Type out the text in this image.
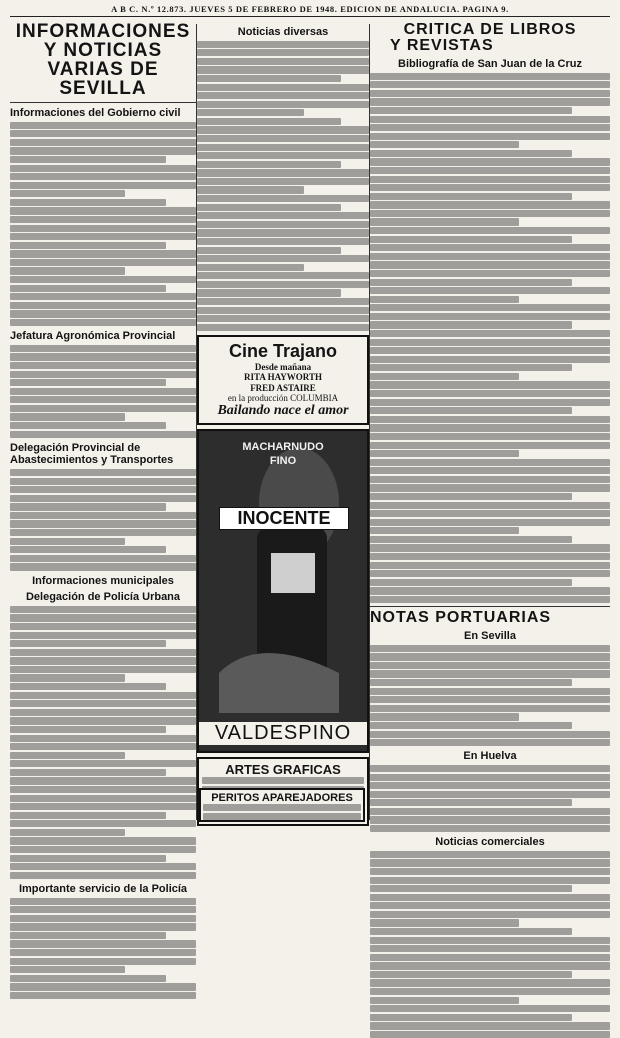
A B C. N.º 12.873. JUEVES 5 DE FEBRERO DE 1948. EDICION DE ANDALUCIA. PAGINA 9.
INFORMACIONES Y NOTICIAS
VARIAS DE SEVILLA
Informaciones del Gobierno civil
Jefatura Agronómica Provincial
Delegación Provincial de Abastecimientos y Transportes
Informaciones municipales
Delegación de Policía Urbana
Importante servicio de la Policía
Noticias diversas
Cine Trajano
Desde mañana
RITA HAYWORTH
FRED ASTAIRE
en la producción COLUMBIA
Bailando nace el amor
MACHARNUDO
FINO
INOCENTE
VALDESPINO
ARTES GRAFICAS
CRITICA DE LIBROS
Y REVISTAS
Bibliografía de San Juan de la Cruz
NOTAS PORTUARIAS
En Sevilla
En Huelva
Noticias comerciales
PERITOS APAREJADORES
